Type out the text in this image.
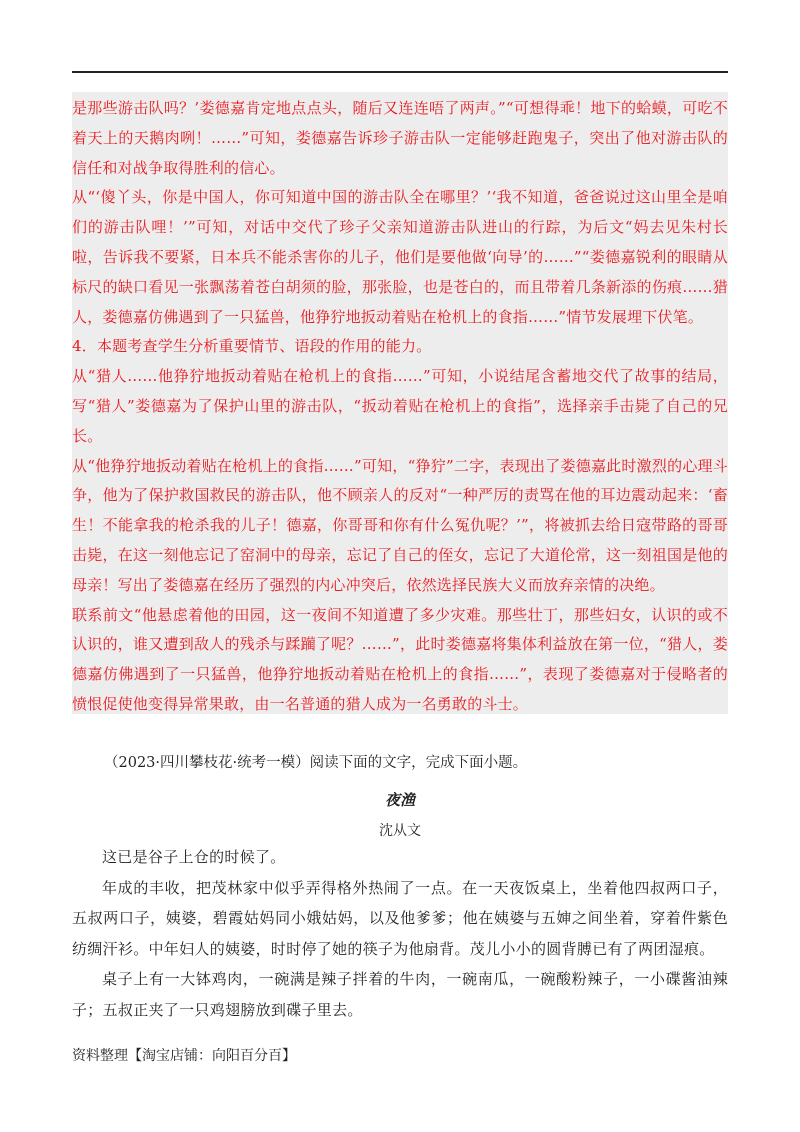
是那些游击队吗？’娄德嘉肯定地点点头，随后又连连唔了两声。”“可想得乖！地下的蛤蟆，可吃不着天上的天鹅肉咧！……”可知，娄德嘉告诉珍子游击队一定能够赶跑鬼子，突出了他对游击队的信任和对战争取得胜利的信心。

从“‘傻丫头，你是中国人，你可知道中国的游击队全在哪里？’‘我不知道，爸爸说过这山里全是咱们的游击队哩！’”可知，对话中交代了珍子父亲知道游击队进山的行踪，为后文“妈去见朱村长啦，告诉我不要紧，日本兵不能杀害你的儿子，他们是要他做‘向导’的……”“娄德嘉锐利的眼睛从标尺的缺口看见一张飘荡着苍白胡须的脸，那张脸，也是苍白的，而且带着几条新添的伤痕……猎人，娄德嘉仿佛遇到了一只猛兽，他狰狞地扳动着贴在枪机上的食指……”情节发展埋下伏笔。

4．本题考查学生分析重要情节、语段的作用的能力。

从“猎人……他狰狞地扳动着贴在枪机上的食指……”可知，小说结尾含蓄地交代了故事的结局，写“猎人”娄德嘉为了保护山里的游击队，“扳动着贴在枪机上的食指”，选择亲手击毙了自己的兄长。

从“他狰狞地扳动着贴在枪机上的食指……”可知，“狰狞”二字，表现出了娄德嘉此时激烈的心理斗争，他为了保护救国救民的游击队，他不顾亲人的反对“一种严厉的责骂在他的耳边震动起来：‘畜生！不能拿我的枪杀我的儿子！德嘉，你哥哥和你有什么冤仇呢？’”，将被抓去给日寇带路的哥哥击毙，在这一刻他忘记了窑洞中的母亲，忘记了自己的侄女，忘记了大道伦常，这一刻祖国是他的母亲！写出了娄德嘉在经历了强烈的内心冲突后，依然选择民族大义而放弃亲情的决绝。

联系前文“他悬虑着他的田园，这一夜间不知道遭了多少灾难。那些壮丁，那些妇女，认识的或不认识的，谁又遭到敌人的残杀与蹂躏了呢？……”，此时娄德嘉将集体利益放在第一位，“猎人，娄德嘉仿佛遇到了一只猛兽，他狰狞地扳动着贴在枪机上的食指……”，表现了娄德嘉对于侵略者的愤恨促使他变得异常果敢，由一名普通的猎人成为一名勇敢的斗士。

（2023·四川攀枝花·统考一模）阅读下面的文字，完成下面小题。
夜渔
沈从文

这已是谷子上仓的时候了。

年成的丰收，把茂林家中似乎弄得格外热闹了一点。在一天夜饭桌上，坐着他四叔两口子，五叔两口子，姨婆，碧霞姑妈同小娥姑妈，以及他爹爹；他在姨婆与五婶之间坐着，穿着件紫色纺绸汗衫。中年妇人的姨婆，时时停了她的筷子为他扇背。茂儿小小的圆背膊已有了两团湿痕。

桌子上有一大钵鸡肉，一碗满是辣子拌着的牛肉，一碗南瓜，一碗酸粉辣子，一小碟酱油辣子；五叔正夹了一只鸡翅膀放到碟子里去。

资料整理【淘宝店铺：向阳百分百】
